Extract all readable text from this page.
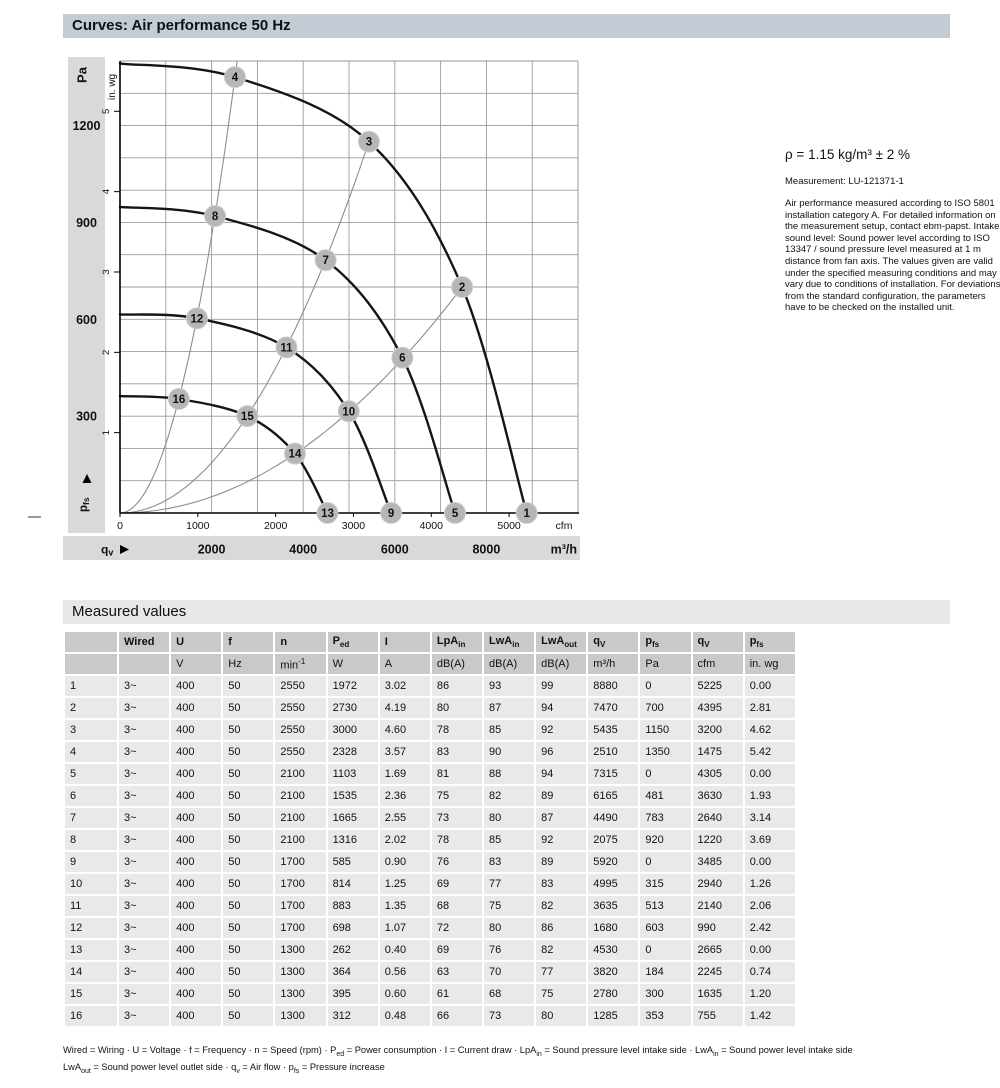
Curves: Air performance 50 Hz
1
2
3
4
5
in. wg
Pa
300
600
900
1200
pfs
0	1000	2000	3000	4000	5000	cfm
2000	4000	6000	8000	m³/h
qv
1
2
3
4
5
6
7
8
9
10
11
12
13
14
15
16

ρ = 1.15 kg/m³ ± 2 %

Measurement: LU-121371-1

Air performance measured according to ISO 5801 installation category A. For detailed information on the measurement setup, contact ebm-papst. Intake sound level: Sound power level according to ISO 13347 / sound pressure level measured at 1 m distance from fan axis. The values given are valid under the specified measuring conditions and may vary due to conditions of installation. For deviations from the standard configuration, the parameters have to be checked on the installed unit.

Measured values
	Wired	U	f	n	$P_{ed}$	I	LpA$_{in}$	LwA$_{in}$	LwA$_{out}$	$q_V$	$p_{fs}$	$q_V$	$p_{fs}$
		V	Hz	$\min^{-1}$	W	A	dB(A)	dB(A)	dB(A)	m³/h	Pa	cfm	in. wg
1	3~	400	50	2550	1972	3.02	86	93	99	8880	0	5225	0.00
2	3~	400	50	2550	2730	4.19	80	87	94	7470	700	4395	2.81
3	3~	400	50	2550	3000	4.60	78	85	92	5435	1150	3200	4.62
4	3~	400	50	2550	2328	3.57	83	90	96	2510	1350	1475	5.42
5	3~	400	50	2100	1103	1.69	81	88	94	7315	0	4305	0.00
6	3~	400	50	2100	1535	2.36	75	82	89	6165	481	3630	1.93
7	3~	400	50	2100	1665	2.55	73	80	87	4490	783	2640	3.14
8	3~	400	50	2100	1316	2.02	78	85	92	2075	920	1220	3.69
9	3~	400	50	1700	585	0.90	76	83	89	5920	0	3485	0.00
10	3~	400	50	1700	814	1.25	69	77	83	4995	315	2940	1.26
11	3~	400	50	1700	883	1.35	68	75	82	3635	513	2140	2.06
12	3~	400	50	1700	698	1.07	72	80	86	1680	603	990	2.42
13	3~	400	50	1300	262	0.40	69	76	82	4530	0	2665	0.00
14	3~	400	50	1300	364	0.56	63	70	77	3820	184	2245	0.74
15	3~	400	50	1300	395	0.60	61	68	75	2780	300	1635	1.20
16	3~	400	50	1300	312	0.48	66	73	80	1285	353	755	1.42
Wired = Wiring · U = Voltage · f = Frequency · n = Speed $(rpm) \cdot P_{ed}$ = Power consumption · I = Current draw · LpA$_{in}$ = Sound pressure level intake side · LwA$_{in}$ = Sound power level intake side
LwA$_{out}$ = Sound power level outlet side · $q_v$ = Air flow · $p_{fs}$ = Pressure increase
